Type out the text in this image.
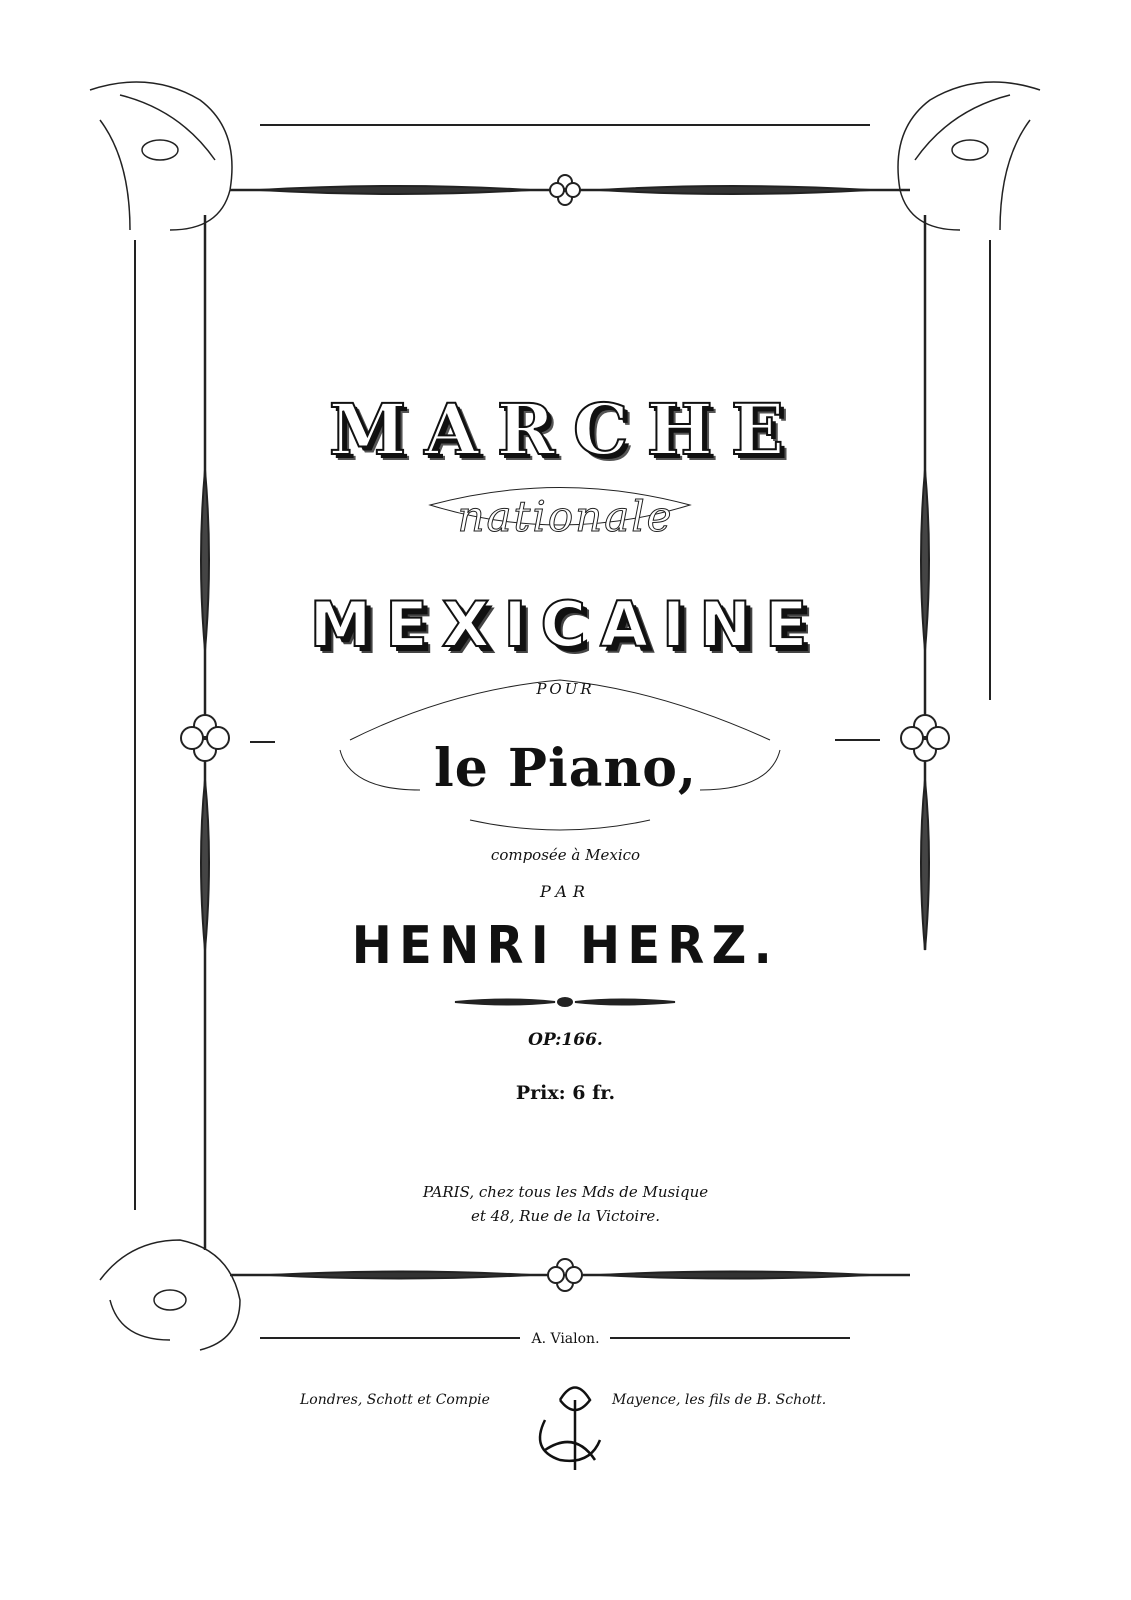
MARCHE
nationale
MEXICAINE
POUR
le Piano,
composée à Mexico
PAR
HENRI HERZ.
OP:166.
Prix: 6 fr.
PARIS, chez tous les Mds de Musique
et 48, Rue de la Victoire.
A. Vialon.
Londres, Schott et Compie	Mayence, les fils de B. Schott.
